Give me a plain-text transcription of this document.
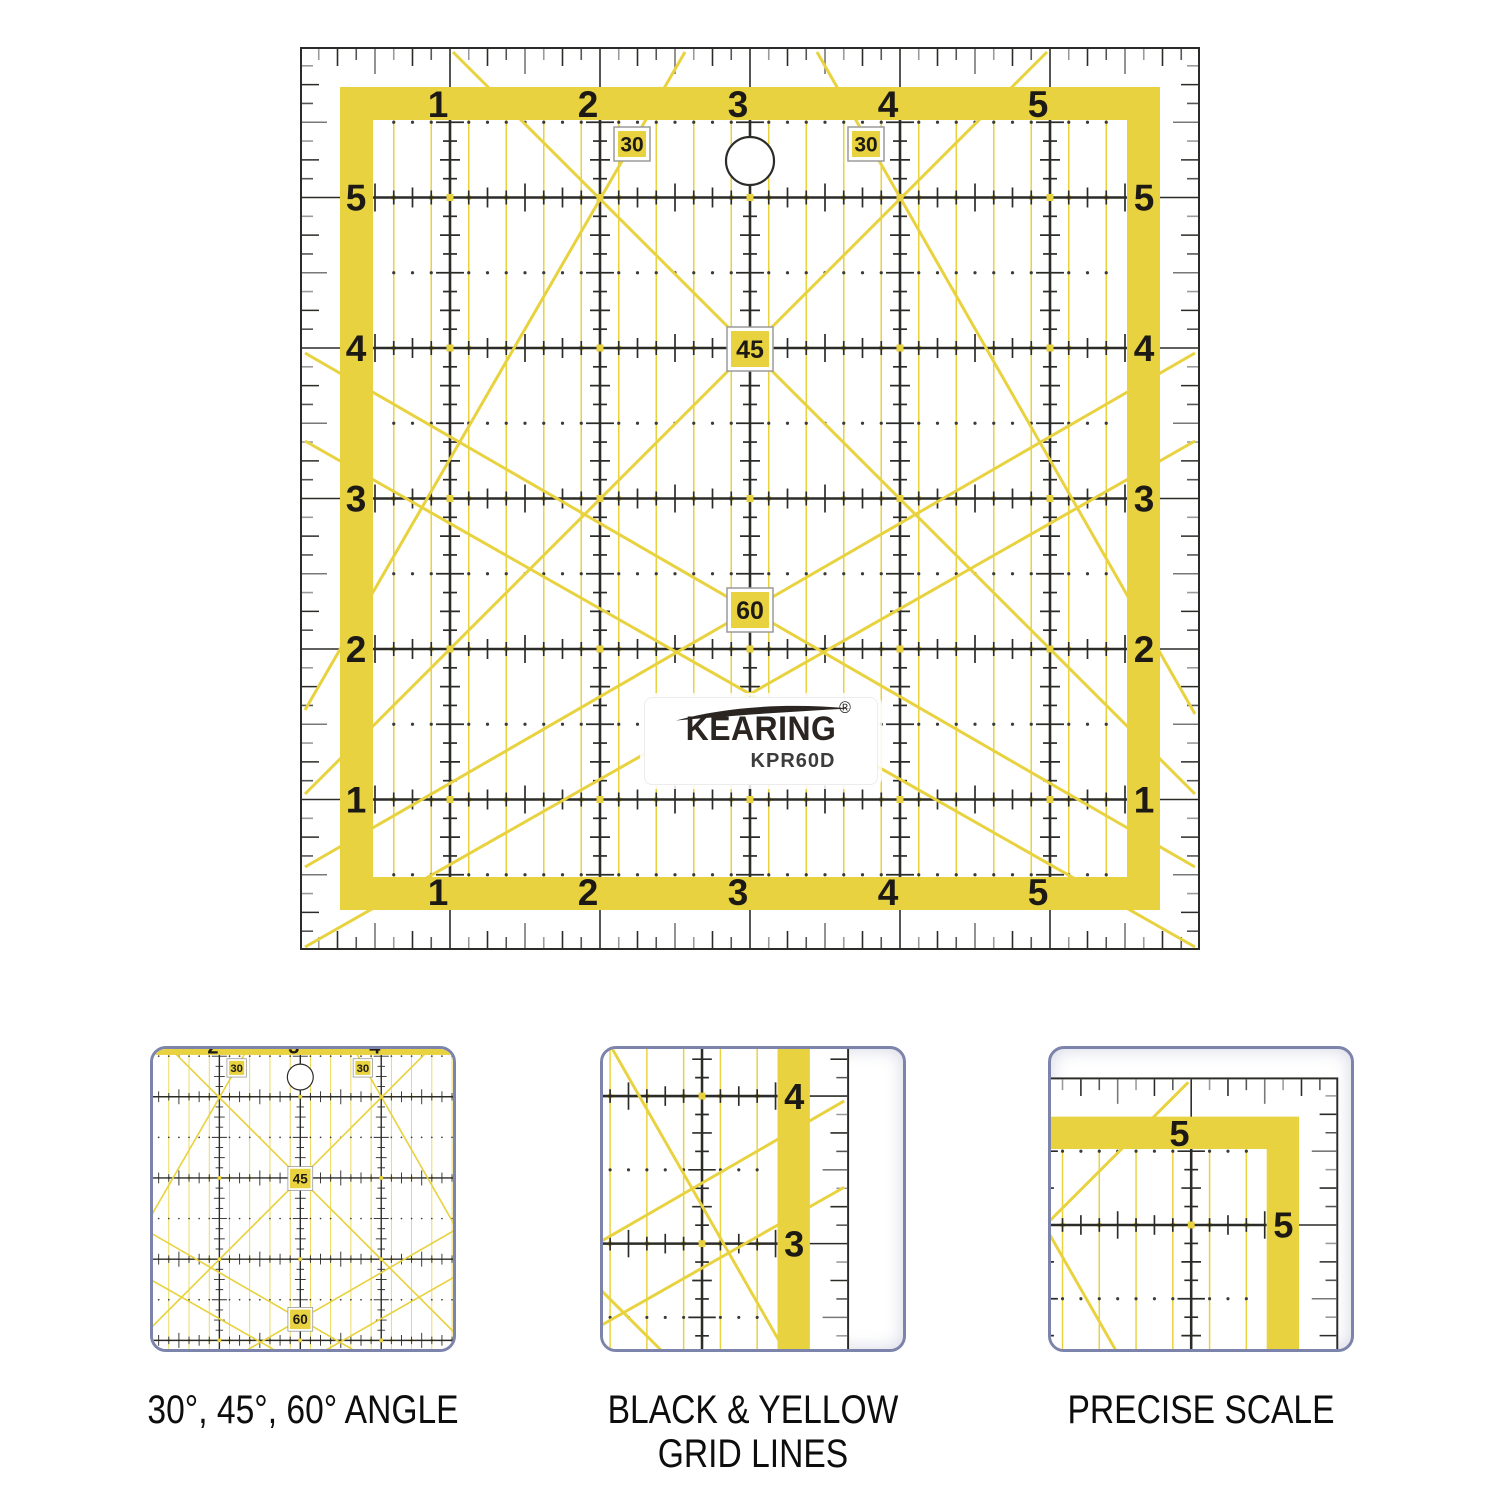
KEARING
®
KPR60D
30°, 45°, 60° ANGLE	BLACK & YELLOW
GRID LINES
PRECISE SCALE
